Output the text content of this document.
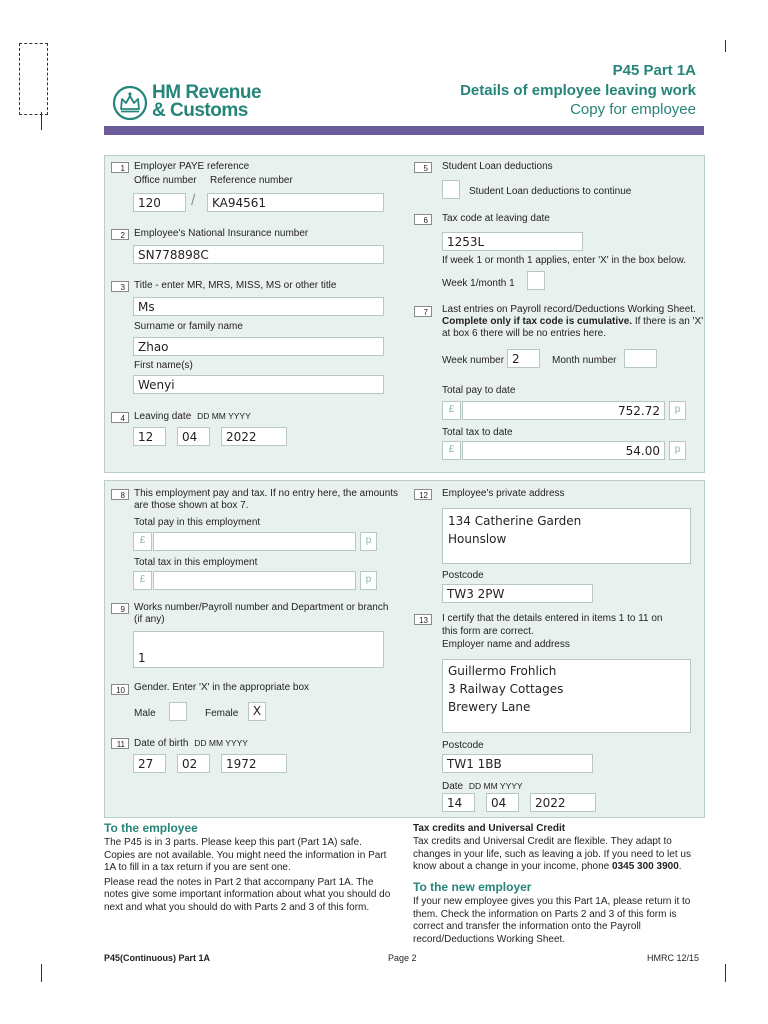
HM Revenue
& Customs
P45 Part 1A
Details of employee leaving work
Copy for employee
1 Employer PAYE reference
Office number Reference number
120	/	KA94561
2 Employee's National Insurance number
SN778898C
3 Title - enter MR, MRS, MISS, MS or other title
Ms
Surname or family name
Zhao
First name(s)
Wenyi
4 Leaving date DD MM YYYY
12	04	2022
5	Student Loan deductions
Student Loan deductions to continue
6	Tax code at leaving date
1253L
If week 1 or month 1 applies, enter 'X' in the box below.
Week 1/month 1
7	Last entries on Payroll record/Deductions Working Sheet.
Complete only if tax code is cumulative. If there is an 'X'
at box 6 there will be no entries here.
Week number 2	Month number
Total pay to date
£	752.72	p
Total tax to date
£	54.00	p
8 This employment pay and tax. If no entry here, the amounts
are those shown at box 7.
Total pay in this employment
£	p
Total tax in this employment
£	p
9 Works number/Payroll number and Department or branch
(if any)
1
10 Gender. Enter 'X' in the appropriate box
Male	Female	X
11 Date of birth DD MM YYYY
27	02	1972
12	Employee's private address
134 Catherine Garden
Hounslow
Postcode
TW3 2PW
13	I certify that the details entered in items 1 to 11 on
this form are correct.
Employer name and address
Guillermo Frohlich
3 Railway Cottages
Brewery Lane
Postcode
TW1 1BB
Date DD MM YYYY
14	04	2022
To the employee

The P45 is in 3 parts. Please keep this part (Part 1A) safe. Copies are not available. You might need the information in Part 1A to fill in a tax return if you are sent one.

Please read the notes in Part 2 that accompany Part 1A. The notes give some important information about what you should do next and what you should do with Parts 2 and 3 of this form.

Tax credits and Universal Credit
Tax credits and Universal Credit are flexible. They adapt to changes in your life, such as leaving a job. If you need to let us know about a change in your income, phone 0345 300 3900.
To the new employer
If your new employee gives you this Part 1A, please return it to them. Check the information on Parts 2 and 3 of this form is correct and transfer the information onto the Payroll record/Deductions Working Sheet.
P45(Continuous) Part 1A	Page 2	HMRC 12/15
